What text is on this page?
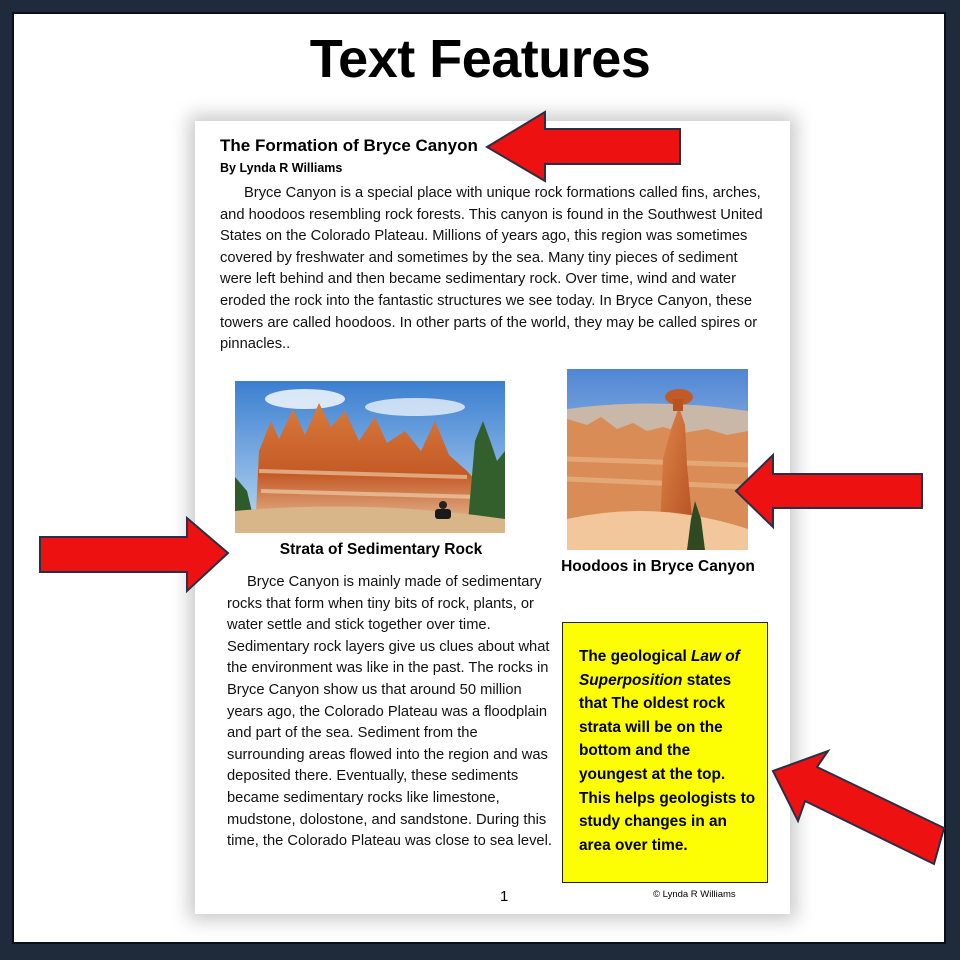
Text Features
The Formation of Bryce Canyon
By Lynda R Williams

Bryce Canyon is a special place with unique rock formations called fins, arches, and hoodoos resembling rock forests. This canyon is found in the Southwest United States on the Colorado Plateau. Millions of years ago, this region was sometimes covered by freshwater and sometimes by the sea. Many tiny pieces of sediment were left behind and then became sedimentary rock. Over time, wind and water eroded the rock into the fantastic structures we see today. In Bryce Canyon, these towers are called hoodoos. In other parts of the world, they may be called spires or pinnacles..

Strata of Sedimentary Rock
Hoodoos in Bryce Canyon

Bryce Canyon is mainly made of sedimentary rocks that form when tiny bits of rock, plants, or water settle and stick together over time. Sedimentary rock layers give us clues about what the environment was like in the past. The rocks in Bryce Canyon show us that around 50 million years ago, the Colorado Plateau was a floodplain and part of the sea. Sediment from the surrounding areas flowed into the region and was deposited there. Eventually, these sediments became sedimentary rocks like limestone, mudstone, dolostone, and sandstone. During this time, the Colorado Plateau was close to sea level.

The geological Law of Superposition states that The oldest rock strata will be on the bottom and the youngest at the top. This helps geologists to study changes in an area over time.

1	© Lynda R Williams
